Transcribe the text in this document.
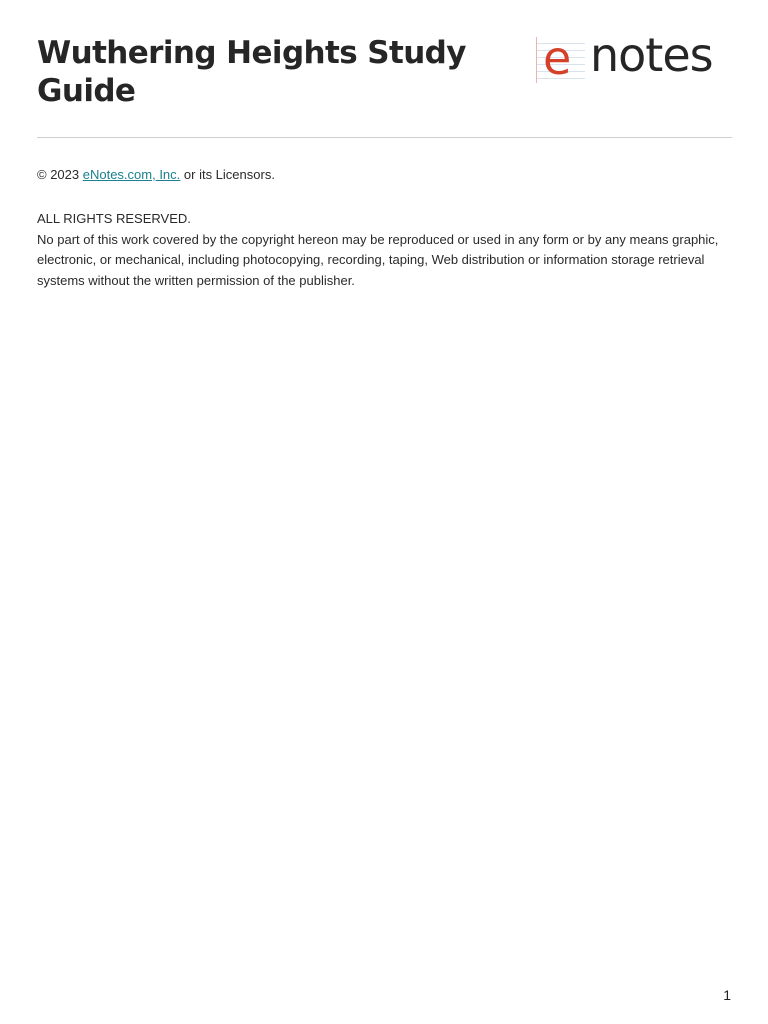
Wuthering Heights Study Guide
e notes

© 2023 eNotes.com, Inc. or its Licensors.

ALL RIGHTS RESERVED.
No part of this work covered by the copyright hereon may be reproduced or used in any form or by any means graphic, electronic, or mechanical, including photocopying, recording, taping, Web distribution or information storage retrieval systems without the written permission of the publisher.
1
